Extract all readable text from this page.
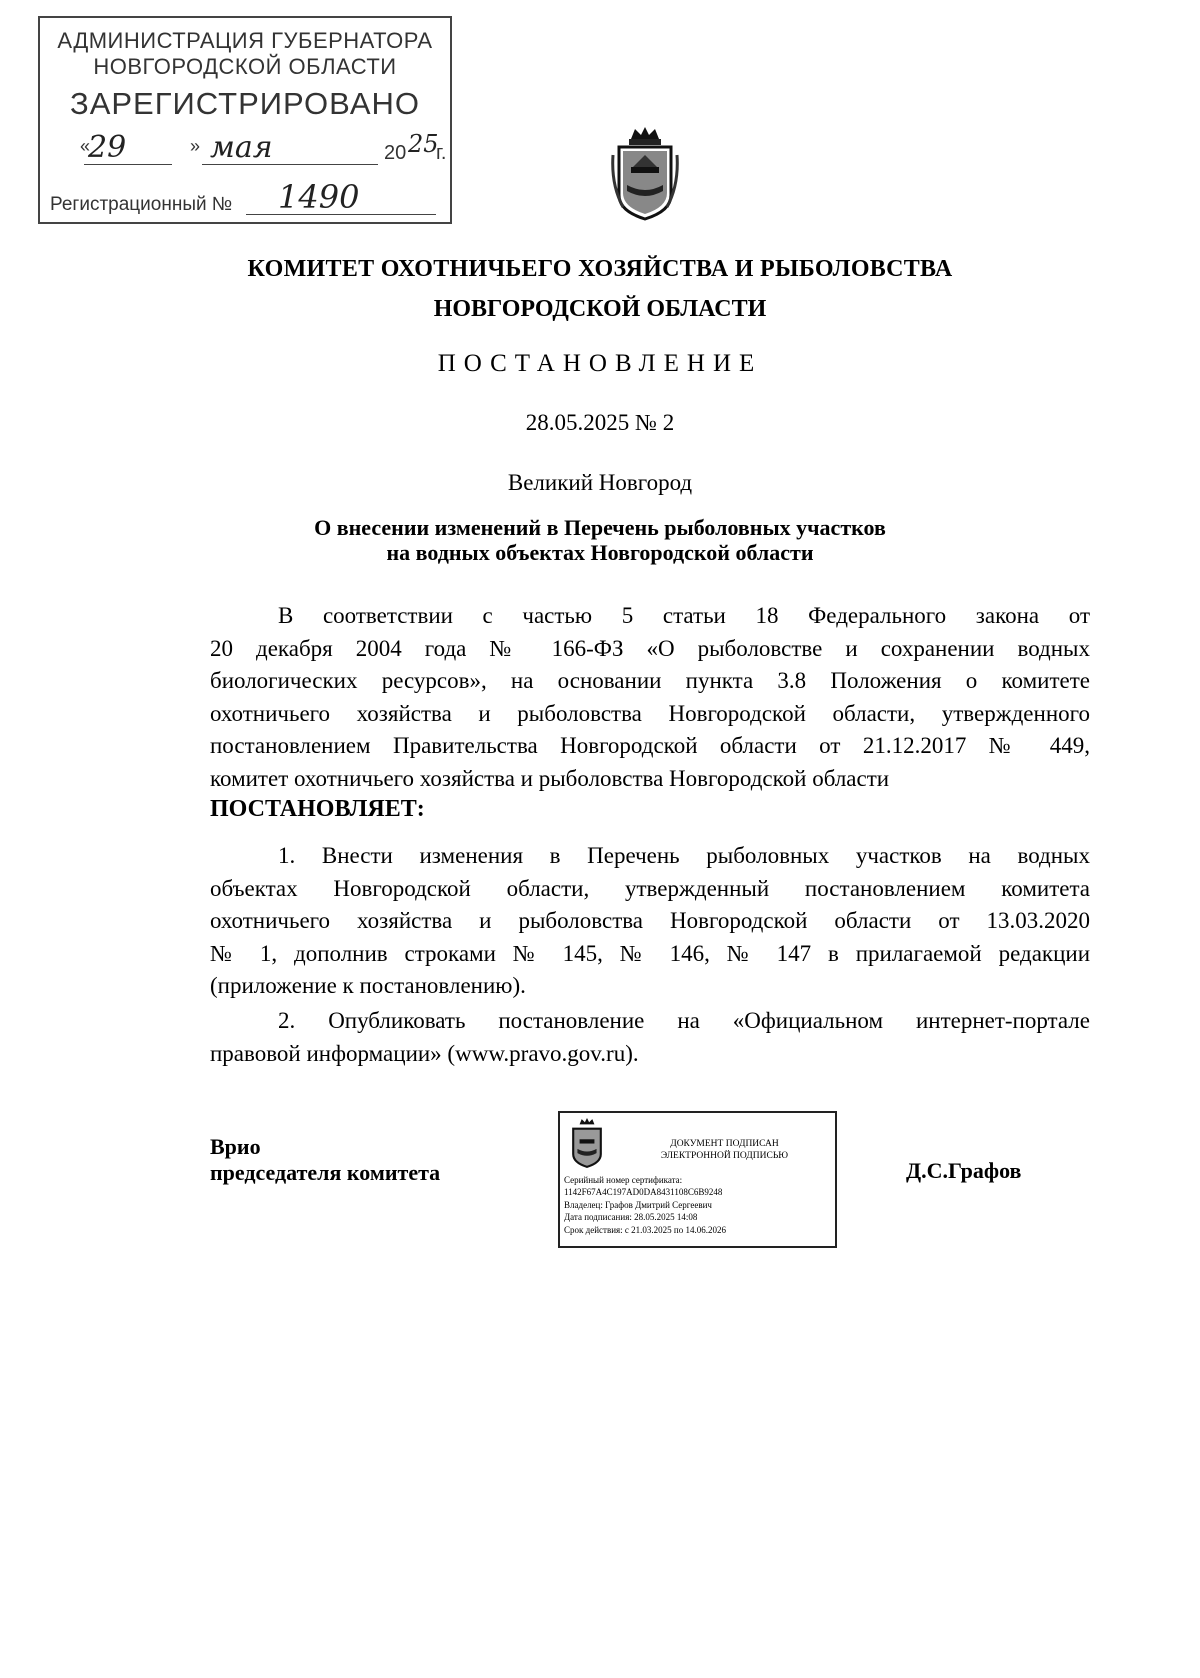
АДМИНИСТРАЦИЯ ГУБЕРНАТОРА
НОВГОРОДСКОЙ ОБЛАСТИ
ЗАРЕГИСТРИРОВАНО
«
29	» мая	20 25
г.
Регистрационный № 1490
КОМИТЕТ ОХОТНИЧЬЕГО ХОЗЯЙСТВА И РЫБОЛОВСТВА
НОВГОРОДСКОЙ ОБЛАСТИ
ПОСТАНОВЛЕНИЕ
28.05.2025 № 2
Великий Новгород
О внесении изменений в Перечень рыболовных участков
на водных объектах Новгородской области
В соответствии с частью 5 статьи 18 Федерального закона от
20 декабря 2004 года № 166-ФЗ «О рыболовстве и сохранении водных
биологических ресурсов», на основании пункта 3.8 Положения о комитете
охотничьего хозяйства и рыболовства Новгородской области, утвержденного
постановлением Правительства Новгородской области от 21.12.2017 № 449,
комитет охотничьего хозяйства и рыболовства Новгородской области
ПОСТАНОВЛЯЕТ:
1. Внести изменения в Перечень рыболовных участков на водных
объектах Новгородской области, утвержденный постановлением комитета
охотничьего хозяйства и рыболовства Новгородской области от 13.03.2020
№ 1, дополнив строками № 145, № 146, № 147 в прилагаемой редакции
(приложение к постановлению).
2. Опубликовать постановление на «Официальном интернет-портале
правовой информации» (www.pravo.gov.ru).
Врио
председателя комитета
ДОКУМЕНТ ПОДПИСАН
ЭЛЕКТРОННОЙ ПОДПИСЬЮ
Серийный номер сертификата:
1142F67A4C197AD0DA8431108C6B9248
Владелец: Графов Дмитрий Сергеевич
Дата подписания: 28.05.2025 14:08
Срок действия: с 21.03.2025 по 14.06.2026
Д.С.Графов
